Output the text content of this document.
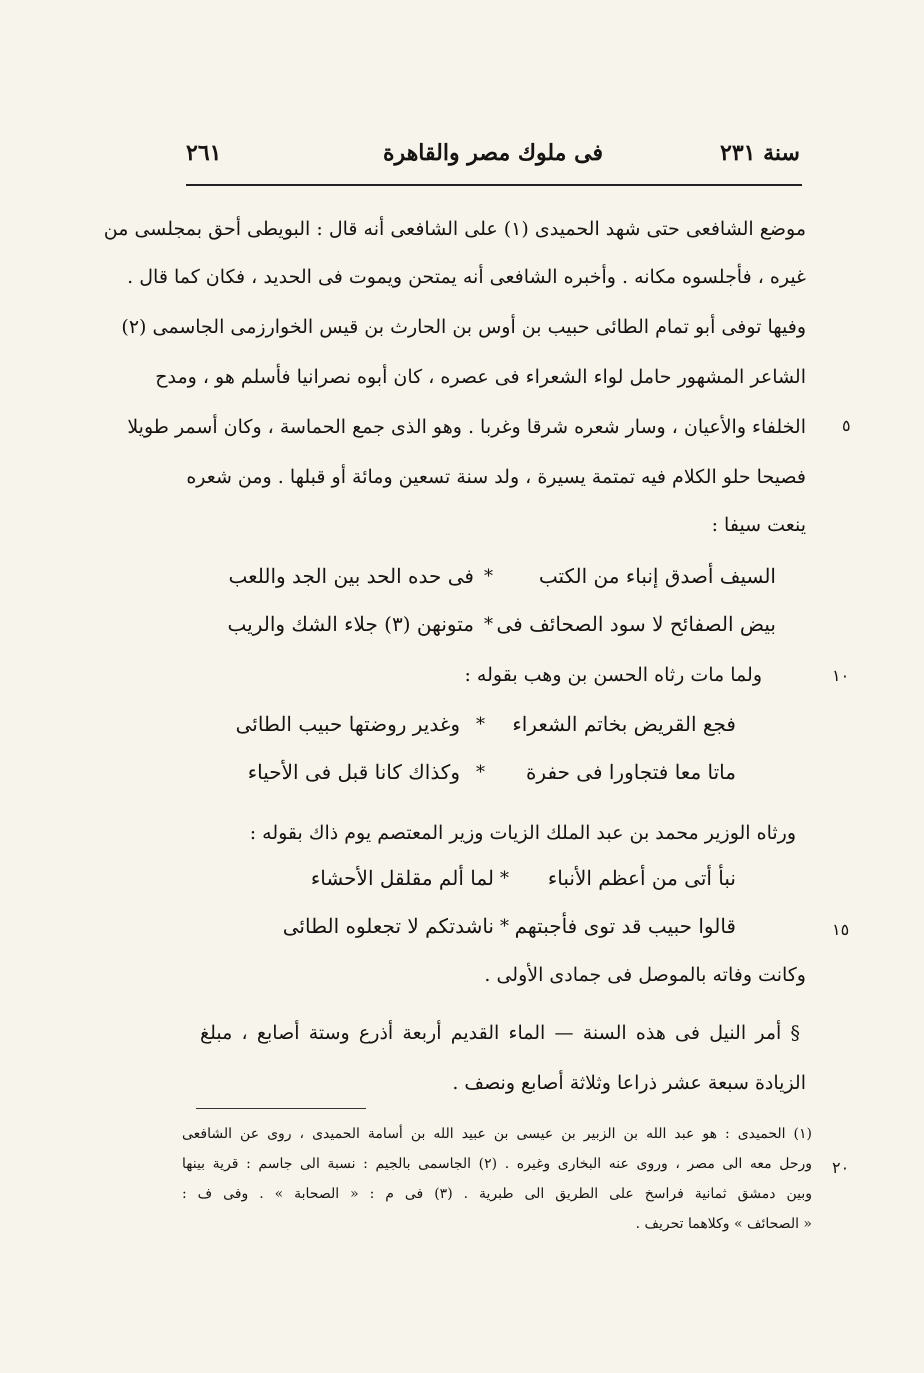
سنة ٢٣١
فى ملوك مصر والقاهرة
٢٦١
موضع الشافعى حتى شهد الحميدى (١) على الشافعى أنه قال : البويطى أحق بمجلسى من
غيره ، فأجلسوه مكانه . وأخبره الشافعى أنه يمتحن ويموت فى الحديد ، فكان كما قال .
وفيها توفى أبو تمام الطائى حبيب بن أوس بن الحارث بن قيس الخوارزمى الجاسمى (٢)
الشاعر المشهور حامل لواء الشعراء فى عصره ، كان أبوه نصرانيا فأسلم هو ، ومدح
الخلفاء والأعيان ، وسار شعره شرقا وغربا . وهو الذى جمع الحماسة ، وكان أسمر طويلا
فصيحا حلو الكلام فيه تمتمة يسيرة ، ولد سنة تسعين ومائة أو قبلها . ومن شعره
ينعت سيفا :
السيف أصدق إنباء من الكتب
*
فى حده الحد بين الجد واللعب
بيض الصفائح لا سود الصحائف فى
*
متونهن (٣) جلاء الشك والريب
ولما مات رثاه الحسن بن وهب بقوله :
فجع القريض بخاتم الشعراء
*
وغدير روضتها حبيب الطائى
ماتا معا فتجاورا فى حفرة
*
وكذاك كانا قبل فى الأحياء
ورثاه الوزير محمد بن عبد الملك الزيات وزير المعتصم يوم ذاك بقوله :
نبأ أتى من أعظم الأنباء
*
لما ألم مقلقل الأحشاء
قالوا حبيب قد توى فأجبتهم
*
ناشدتكم لا تجعلوه الطائى
وكانت وفاته بالموصل فى جمادى الأولى .
§ أمر النيل فى هذه السنة — الماء القديم أربعة أذرع وستة أصابع ، مبلغ
الزيادة سبعة عشر ذراعا وثلاثة أصابع ونصف .
٥
١٠
١٥
٢٠
(١) الحميدى : هو عبد الله بن الزبير بن عيسى بن عبيد الله بن أسامة الحميدى ، روى عن الشافعى
ورحل معه الى مصر ، وروى عنه البخارى وغيره . (٢) الجاسمى بالجيم : نسبة الى جاسم : قرية بينها
وبين دمشق ثمانية فراسخ على الطريق الى طبرية . (٣) فى م : « الصحابة » . وفى ف :
« الصحائف » وكلاهما تحريف .
